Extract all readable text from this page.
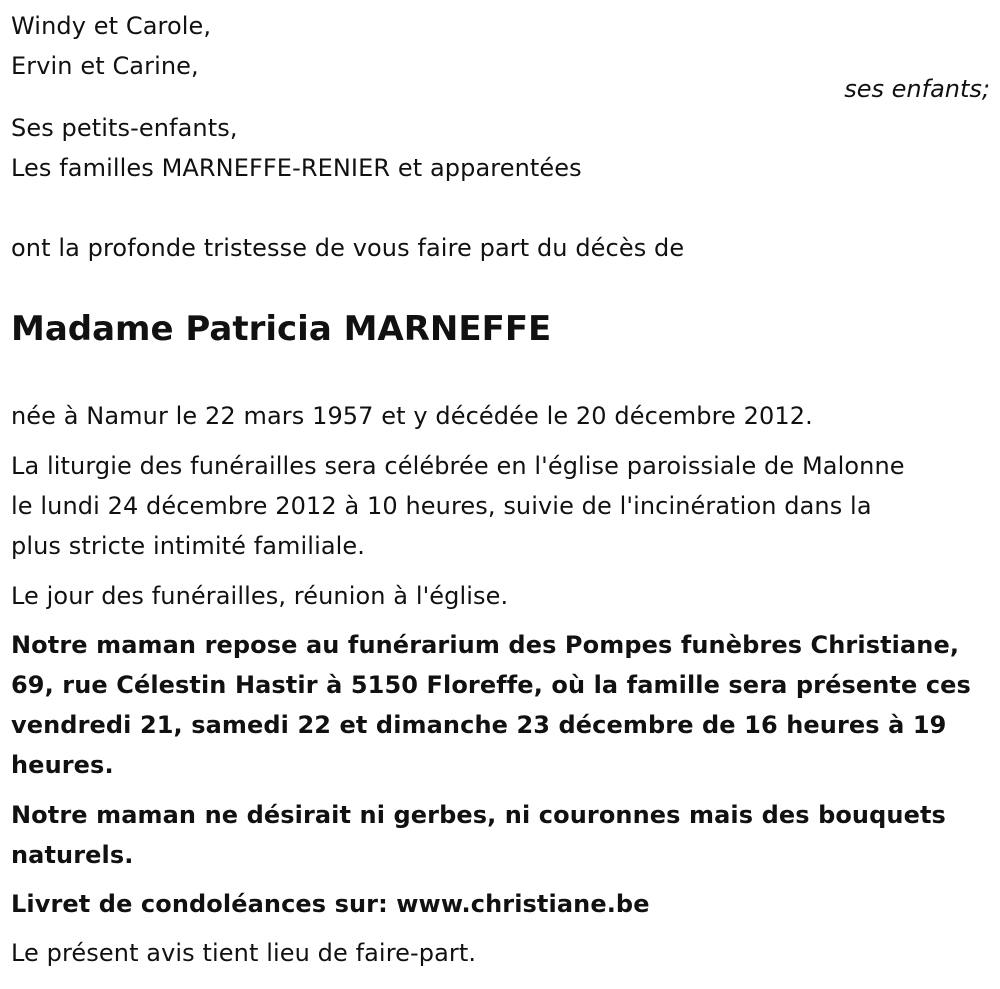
Windy et Carole,
Ervin et Carine,
ses enfants;
Ses petits-enfants,
Les familles MARNEFFE-RENIER et apparentées
ont la profonde tristesse de vous faire part du décès de
Madame Patricia MARNEFFE
née à Namur le 22 mars 1957 et y décédée le 20 décembre 2012.
La liturgie des funérailles sera célébrée en l'église paroissiale de Malonne
le lundi 24 décembre 2012 à 10 heures, suivie de l'incinération dans la
plus stricte intimité familiale.
Le jour des funérailles, réunion à l'église.
Notre maman repose au funérarium des Pompes funèbres Christiane,
69, rue Célestin Hastir à 5150 Floreffe, où la famille sera présente ces
vendredi 21, samedi 22 et dimanche 23 décembre de 16 heures à 19
heures.
Notre maman ne désirait ni gerbes, ni couronnes mais des bouquets
naturels.
Livret de condoléances sur: www.christiane.be
Le présent avis tient lieu de faire-part.
